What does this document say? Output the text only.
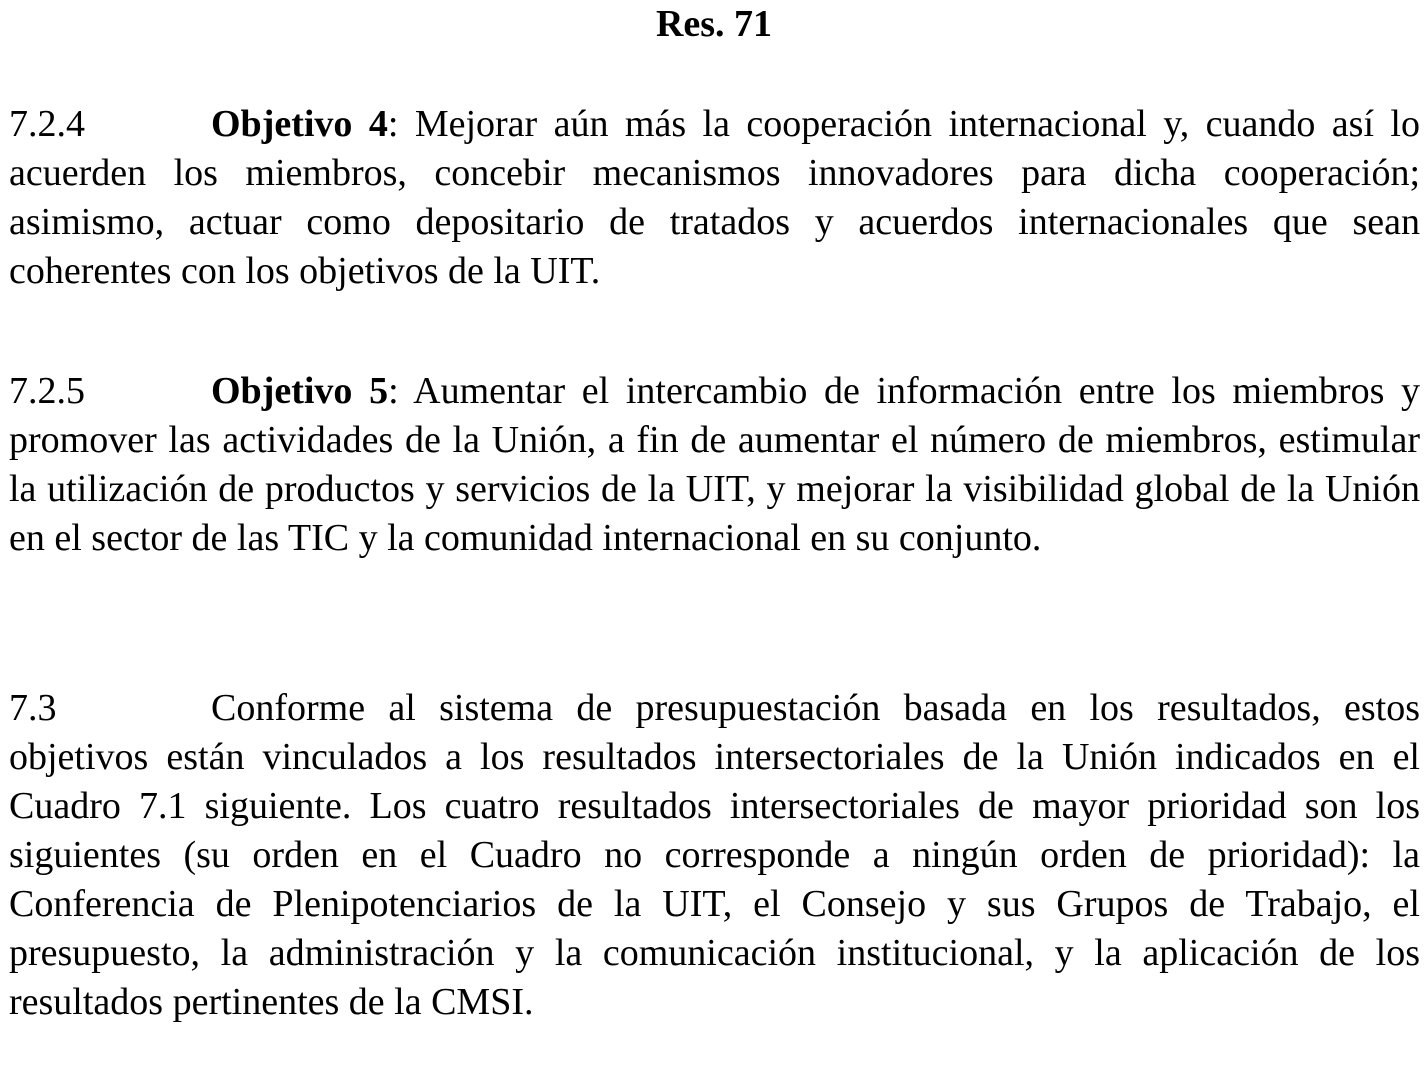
Res. 71

7.2.4	Objetivo 4: Mejorar aún más la cooperación internacional y, cuando así lo acuerden los miembros, concebir mecanismos innovadores para dicha cooperación; asimismo, actuar como depositario de tratados y acuerdos internacionales que sean coherentes con los objetivos de la UIT.

7.2.5	Objetivo 5: Aumentar el intercambio de información entre los miembros y promover las actividades de la Unión, a fin de aumentar el número de miembros, estimular la utilización de productos y servicios de la UIT, y mejorar la visibilidad global de la Unión en el sector de las TIC y la comunidad internacional en su conjunto.

7.3	Conforme al sistema de presupuestación basada en los resultados, estos objetivos están vinculados a los resultados intersectoriales de la Unión indicados en el Cuadro 7.1 siguiente. Los cuatro resultados intersectoriales de mayor prioridad son los siguientes (su orden en el Cuadro no corresponde a ningún orden de prioridad): la Conferencia de Plenipotenciarios de la UIT, el Consejo y sus Grupos de Trabajo, el presupuesto, la administración y la comunicación institucional, y la aplicación de los resultados pertinentes de la CMSI.
